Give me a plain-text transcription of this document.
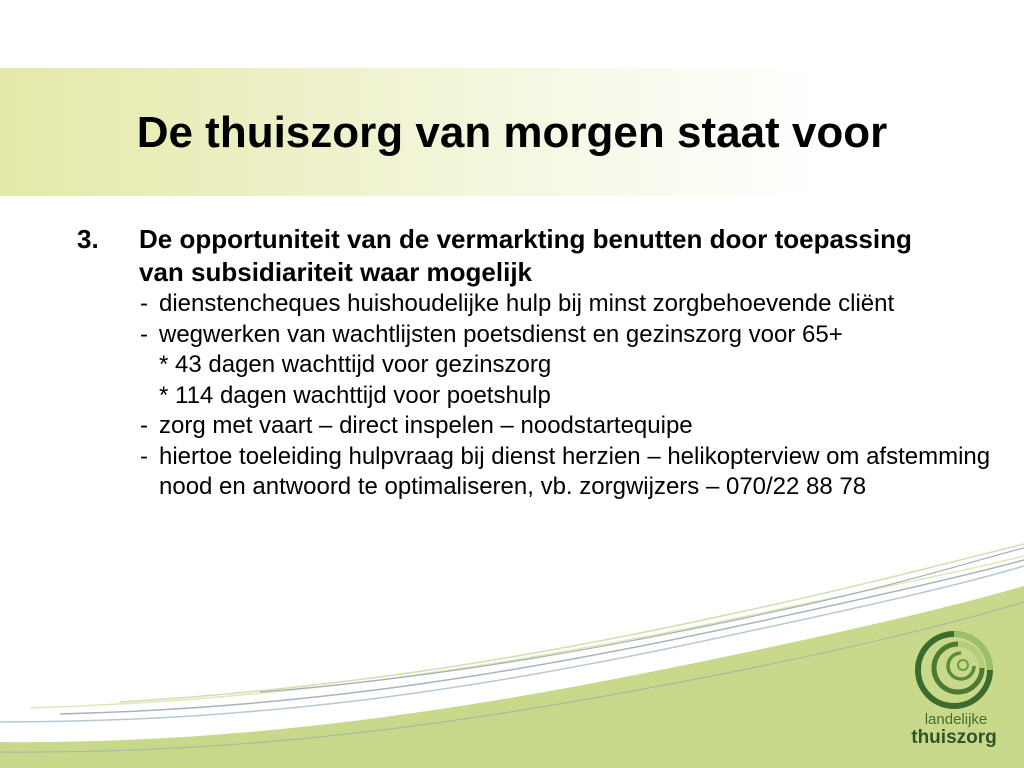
De thuiszorg van morgen staat voor
3.	De opportuniteit van de vermarkting benutten door toepassing van subsidiariteit waar mogelijk
- dienstencheques huishoudelijke hulp bij minst zorgbehoevende cliënt
- wegwerken van wachtlijsten poetsdienst en gezinszorg voor 65+
* 43 dagen wachttijd voor gezinszorg
* 114 dagen wachttijd voor poetshulp
- zorg met vaart – direct inspelen – noodstartequipe
- hiertoe toeleiding hulpvraag bij dienst herzien – helikopterview om afstemming nood en antwoord te optimaliseren, vb. zorgwijzers – 070/22 88 78
landelijke
thuiszorg
